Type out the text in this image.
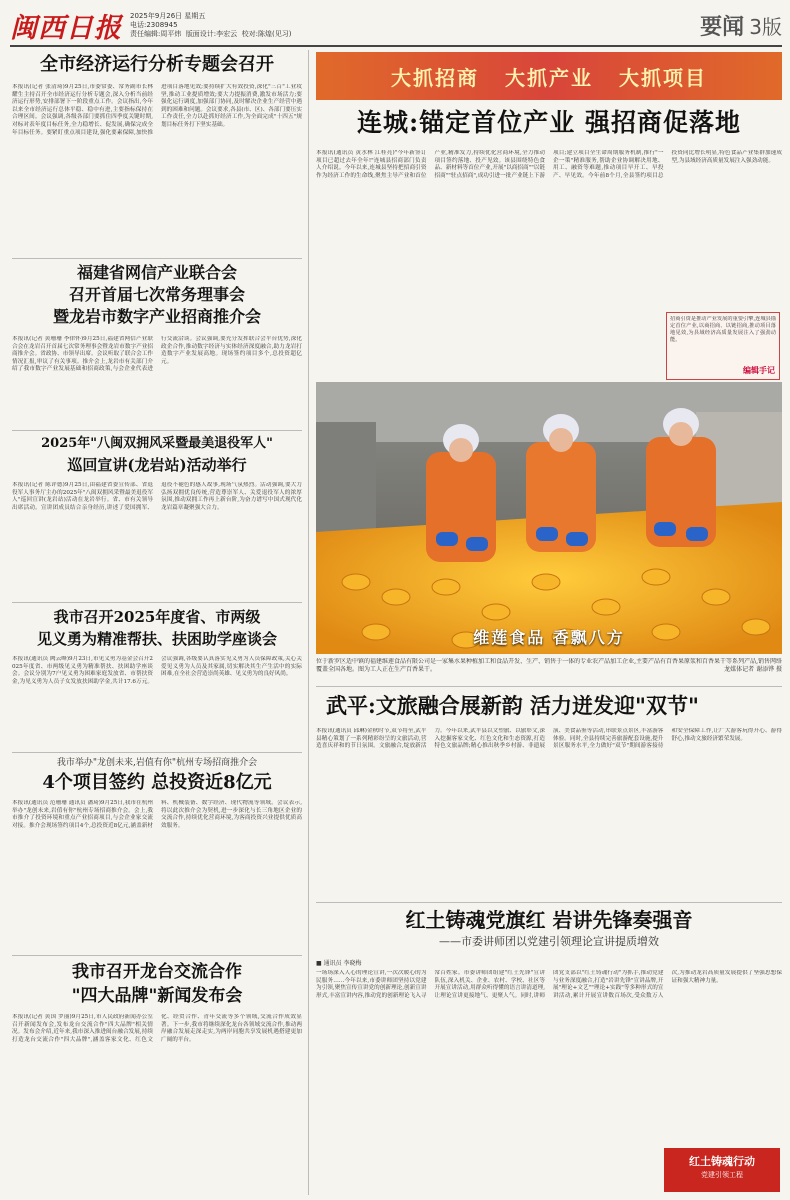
闽西日报 2025年9月26日 星期五
电话:2308945
责任编辑:周平炜 版面设计:李宏云 校对:陈煌(见习)	要闻 3版
全市经济运行分析专题会召开
本报讯(记者 张清琦)9月25日,市委常委、常务副市长林耀生主持召开全市经济运行分析专题会,深入分析当前经济运行形势,安排部署下一阶段重点工作。会议指出,今年以来全市经济运行总体平稳、稳中有进,主要指标保持在合理区间。会议强调,各级各部门要抓住四季度关键时期,对标对表年度目标任务,全力稳增长、促发展,确保完成全年目标任务。要紧盯重点项目建设,强化要素保障,加快推进项目落地见效;要持续扩大有效投资,深化"三百"工业攻坚,推动工业提质增效;要大力提振消费,激发市场活力;要强化运行调度,加强部门协同,及时解决企业生产经营中遇到的困难和问题。会议要求,各县(市、区)、各部门要压实工作责任,全力以赴抓好经济工作,为全面完成"十四五"规划目标任务打下坚实基础。
福建省网信产业联合会
召开首届七次常务理事会
暨龙岩市数字产业招商推介会
本报讯(记者 黄珊珊 李律怀)9月25日,福建省网信产业联合会在龙岩召开首届七次常务理事会暨龙岩市数字产业招商推介会。省政协、市领导出席。会议听取了联合会工作情况汇报,审议了有关事项。推介会上,龙岩市有关部门介绍了我市数字产业发展基础和招商政策,与会企业代表进行交流洽谈。会议强调,要充分发挥联合会平台优势,深化政企合作,推动数字经济与实体经济深度融合,助力龙岩打造数字产业发展高地。现场签约项目多个,总投资超亿元。
2025年"八闽双拥风采暨最美退役军人"
巡回宣讲(龙岩站)活动举行
本报讯(记者 陈评德)9月25日,由福建省委宣传部、省退役军人事务厅主办的2025年"八闽双拥风采暨最美退役军人"巡回宣讲(龙岩站)活动在龙岩举行。省、市有关领导出席活动。宣讲团成员结合亲身经历,讲述了爱国拥军、退役不褪色的感人故事,现场气氛热烈。活动强调,要大力弘扬双拥优良传统,营造尊崇军人、关爱退役军人的浓厚氛围,推动双拥工作再上新台阶,为奋力谱写中国式现代化龙岩篇章凝聚强大合力。
我市召开2025年度省、市两级
见义勇为精准帮扶、扶困助学座谈会
本报讯(通讯员 阙云峰)9月23日,市见义勇为基金会召开2025年度省、市两级见义勇为精准帮扶、扶困助学座谈会。会议分别为7户见义勇为困难家庭发放省、市帮扶资金,为见义勇为人员子女发放扶困助学金,共计17.6万元。会议强调,各级要认真落实见义勇为人员保障政策,关心关爱见义勇为人员及其家属,切实解决其生产生活中的实际困难,在全社会营造崇尚英雄、见义勇为的良好风尚。
我市举办"龙创未来,岩值有你"杭州专场招商推介会
4个项目签约 总投资近8亿元
本报讯(通讯员 范珊珊 通讯员 潘琦)9月25日,我市在杭州举办"龙创未来,岩值有你"杭州专场招商推介会。会上,我市推介了投资环境和重点产业招商项目,与会企业家交流对接。推介会现场签约项目4个,总投资近8亿元,涵盖新材料、机械装备、数字经济、现代物流等领域。会议表示,将以此次推介会为契机,进一步深化与长三角地区企业的交流合作,持续优化营商环境,为客商投资兴业提供优质高效服务。
我市召开龙台交流合作
"四大品牌"新闻发布会
本报讯(记者 黄国 罗丽)9月25日,市人民政府新闻办公室召开新闻发布会,发布龙台交流合作"四大品牌"相关情况。发布会介绍,近年来,我市深入推进闽台融合发展,持续打造龙台交流合作"四大品牌",涵盖客家文化、红色文化、经贸合作、青年交流等多个领域,交流合作成效显著。下一步,我市将继续深化龙台各领域交流合作,推动两岸融合发展走深走实,为两岸同胞共享发展机遇搭建更加广阔的平台。
大抓招商 大抓产业 大抓项目
连城:锚定首位产业 强招商促落地
本报讯(通讯员 黄水林 江桂亮)"今年新签订项目已超过去年全年!"连城县招商部门负责人介绍说。今年以来,连城县坚持把招商引资作为经济工作的生命线,聚焦主导产业和首位产业,精准发力,持续优化营商环境,全力推动项目签约落地、投产见效。该县围绕特色食品、新材料等首位产业,开展"以商招商""以链招商""驻点招商",成功引进一批产业链上下游项目;建立项目全生命周期服务机制,推行"一企一策"精准服务,帮助企业协调解决用地、用工、融资等难题,推动项目早开工、早投产、早见效。今年前8个月,全县签约项目总投资同比增长明显,特色食品产业集群加速成型,为县域经济高质量发展注入强劲动能。
招商引资是推动产业发展的重要引擎,连城县锚定首位产业,以商招商、以链招商,推动项目落地见效,为县域经济高质量发展注入了强劲动能。
编辑手记
维莲食品 香飘八方
位于新罗区适中镇的福建维莲食品有限公司是一家集水果种植加工和食品开发、生产、销售于一体的专业农产品加工企业,主要产品有百香果原浆和百香果干等系列产品,销售网络覆盖全国各地。图为工人正在生产百香果干。	龙媒体记者 谢添铧 摄
武平:文旅融合展新韵 活力迸发迎"双节"
本报讯(通讯员 邱琳)金秋时节,双节将至,武平县精心策划了一系列精彩纷呈的文旅活动,营造喜庆祥和的节日氛围。文旅融合,绽放新活力。今年以来,武平县以文塑旅、以旅彰文,深入挖掘客家文化、红色文化和生态资源,打造特色文旅品牌;精心推出秋季乡村游、非遗展演、美食品鉴等活动,串联景点景区,丰富游客体验。同时,全县持续完善旅游配套设施,提升景区服务水平,全力做好"双节"期间游客接待和安全保障工作,让广大游客玩得开心、游得舒心,推动文旅经济繁荣发展。
红土铸魂党旗红 岩讲先锋奏强音
——市委讲师团以党建引领理论宣讲提质增效
■ 通讯员 李晓梅
一场场深入人心的理论宣讲,一次次暖心的为民服务……今年以来,市委讲师团坚持以党建为引领,聚焦宣传宣讲党的创新理论,创新宣讲形式,丰富宣讲内容,推动党的创新理论飞入寻常百姓家。市委讲师团组建"红土先锋"宣讲队伍,深入机关、企业、农村、学校、社区等开展宣讲活动,用群众听得懂的语言讲清道理,让理论宣讲更接地气、更聚人气。同时,讲师团党支部以"红土铸魂行动"为抓手,推动党建与业务深度融合,打造"岩讲先锋"宣讲品牌,开展"理论+文艺""理论+实践"等多种形式的宣讲活动,累计开展宣讲数百场次,受众数万人次,为推动龙岩高质量发展提供了坚强思想保证和强大精神力量。
红土铸魂行动
党建引领工程
